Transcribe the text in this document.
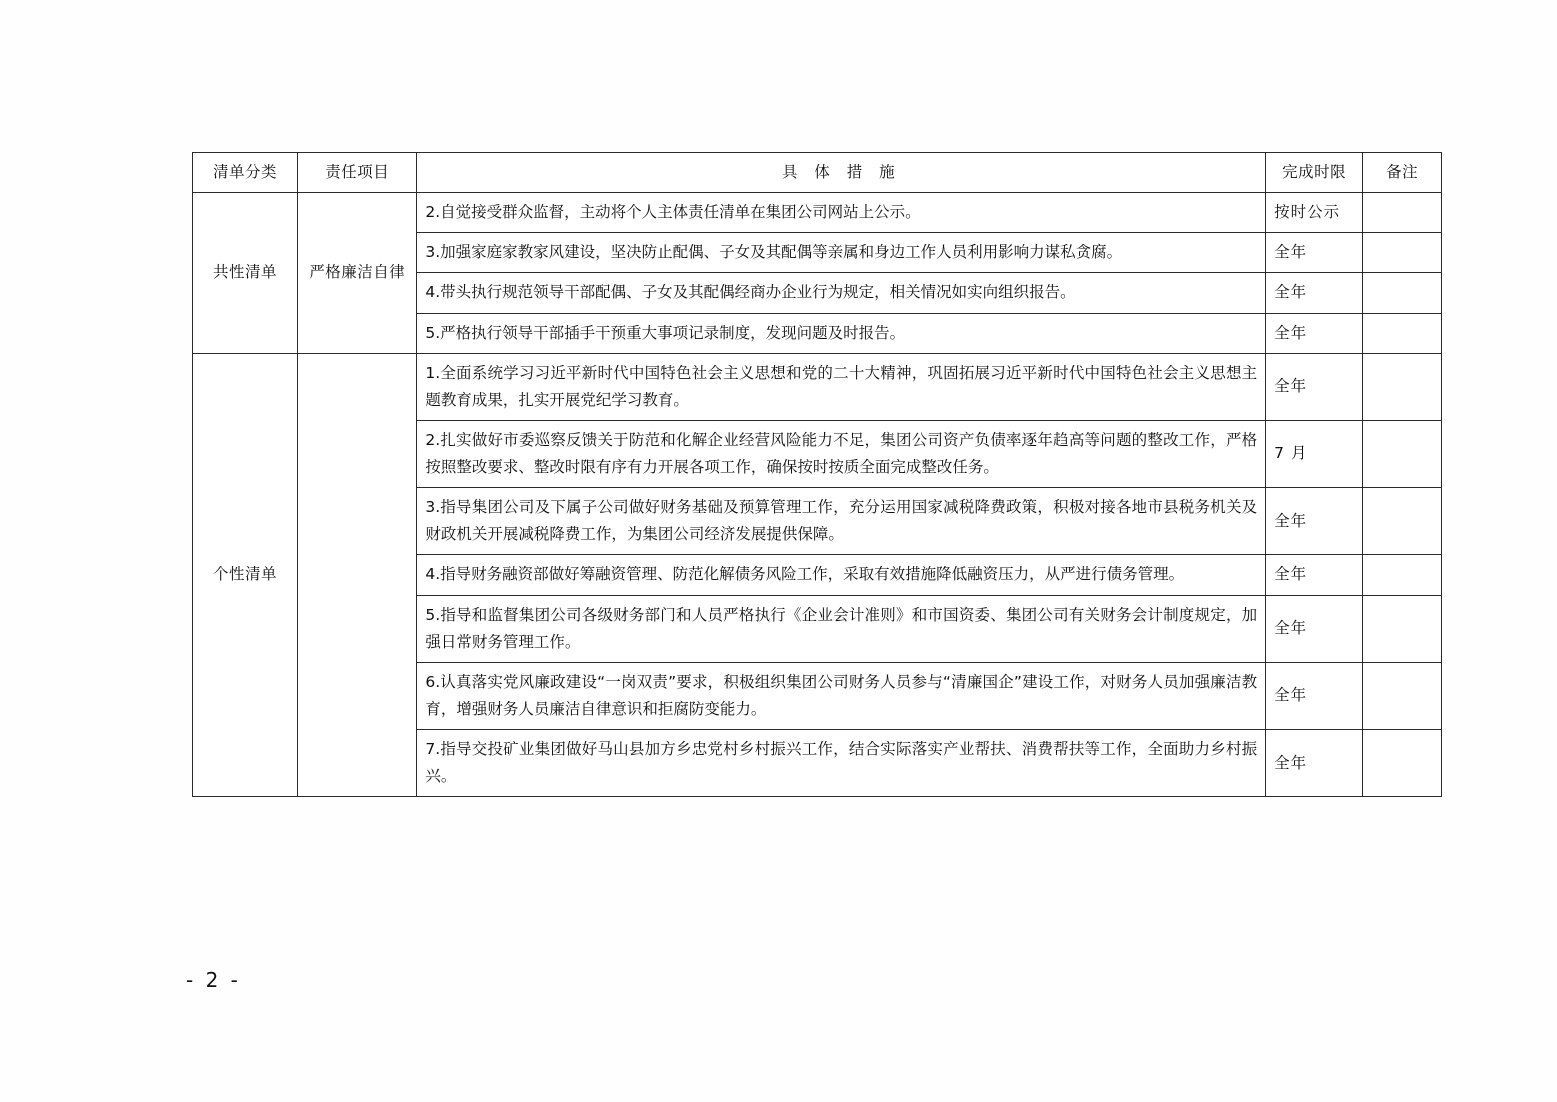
清单分类	责任项目	具 体 措 施	完成时限	备注
共性清单	严格廉洁自律	2.自觉接受群众监督，主动将个人主体责任清单在集团公司网站上公示。	按时公示	
		3.加强家庭家教家风建设，坚决防止配偶、子女及其配偶等亲属和身边工作人员利用影响力谋私贪腐。	全年	
		4.带头执行规范领导干部配偶、子女及其配偶经商办企业行为规定，相关情况如实向组织报告。	全年	
		5.严格执行领导干部插手干预重大事项记录制度，发现问题及时报告。	全年	
个性清单		1.全面系统学习习近平新时代中国特色社会主义思想和党的二十大精神，巩固拓展习近平新时代中国特色社会主义思想主题教育成果，扎实开展党纪学习教育。	全年	
		2.扎实做好市委巡察反馈关于防范和化解企业经营风险能力不足，集团公司资产负债率逐年趋高等问题的整改工作，严格按照整改要求、整改时限有序有力开展各项工作，确保按时按质全面完成整改任务。	7 月	
		3.指导集团公司及下属子公司做好财务基础及预算管理工作，充分运用国家减税降费政策，积极对接各地市县税务机关及财政机关开展减税降费工作，为集团公司经济发展提供保障。	全年	
		4.指导财务融资部做好筹融资管理、防范化解债务风险工作，采取有效措施降低融资压力，从严进行债务管理。	全年	
		5.指导和监督集团公司各级财务部门和人员严格执行《企业会计准则》和市国资委、集团公司有关财务会计制度规定，加强日常财务管理工作。	全年	
		6.认真落实党风廉政建设“一岗双责”要求，积极组织集团公司财务人员参与“清廉国企”建设工作，对财务人员加强廉洁教育，增强财务人员廉洁自律意识和拒腐防变能力。	全年	
		7.指导交投矿业集团做好马山县加方乡忠党村乡村振兴工作，结合实际落实产业帮扶、消费帮扶等工作，全面助力乡村振兴。	全年	
- 2 -
